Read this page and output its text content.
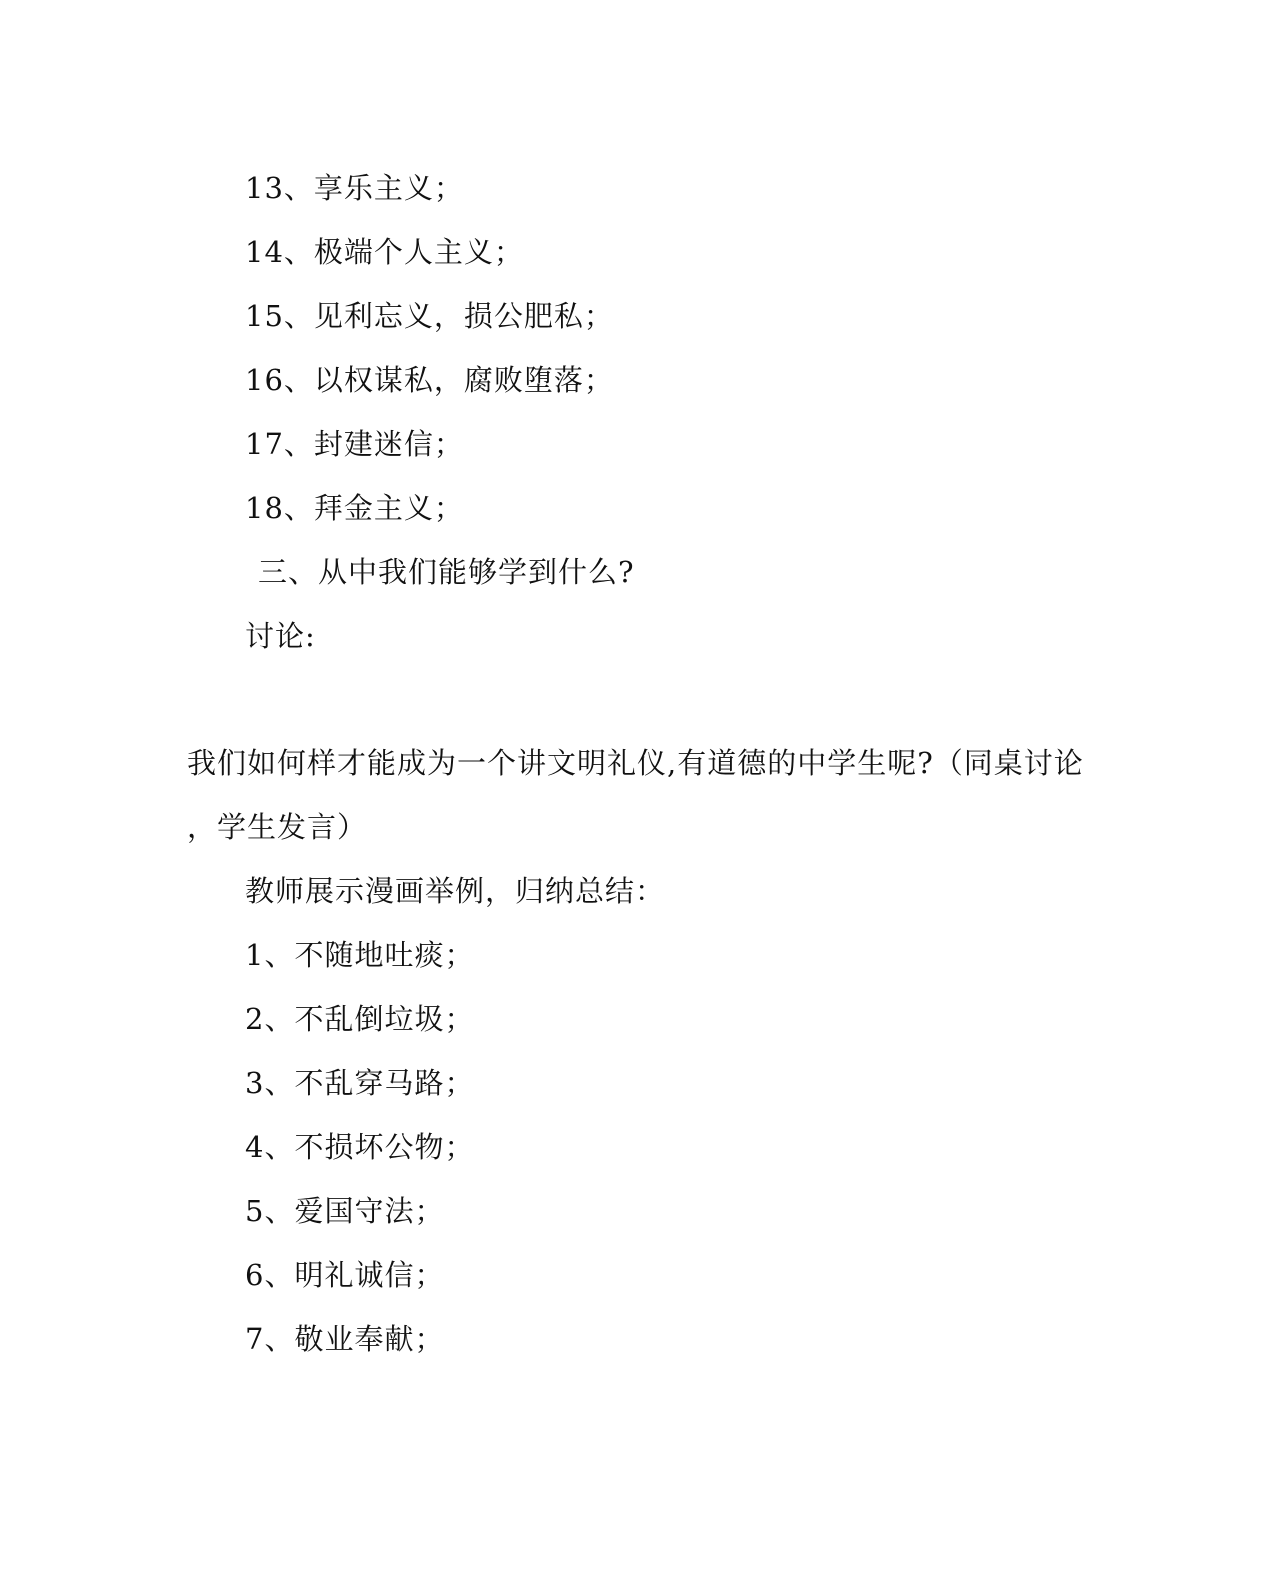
13、享乐主义；
14、极端个人主义；
15、见利忘义，损公肥私；
16、以权谋私，腐败堕落；
17、封建迷信；
18、拜金主义；
三、从中我们能够学到什么?
讨论:
我们如何样才能成为一个讲文明礼仪,有道德的中学生呢?（同桌讨论
，学生发言）
教师展示漫画举例，归纳总结：
1、不随地吐痰；
2、不乱倒垃圾；
3、不乱穿马路；
4、不损坏公物；
5、爱国守法；
6、明礼诚信；
7、敬业奉献；
